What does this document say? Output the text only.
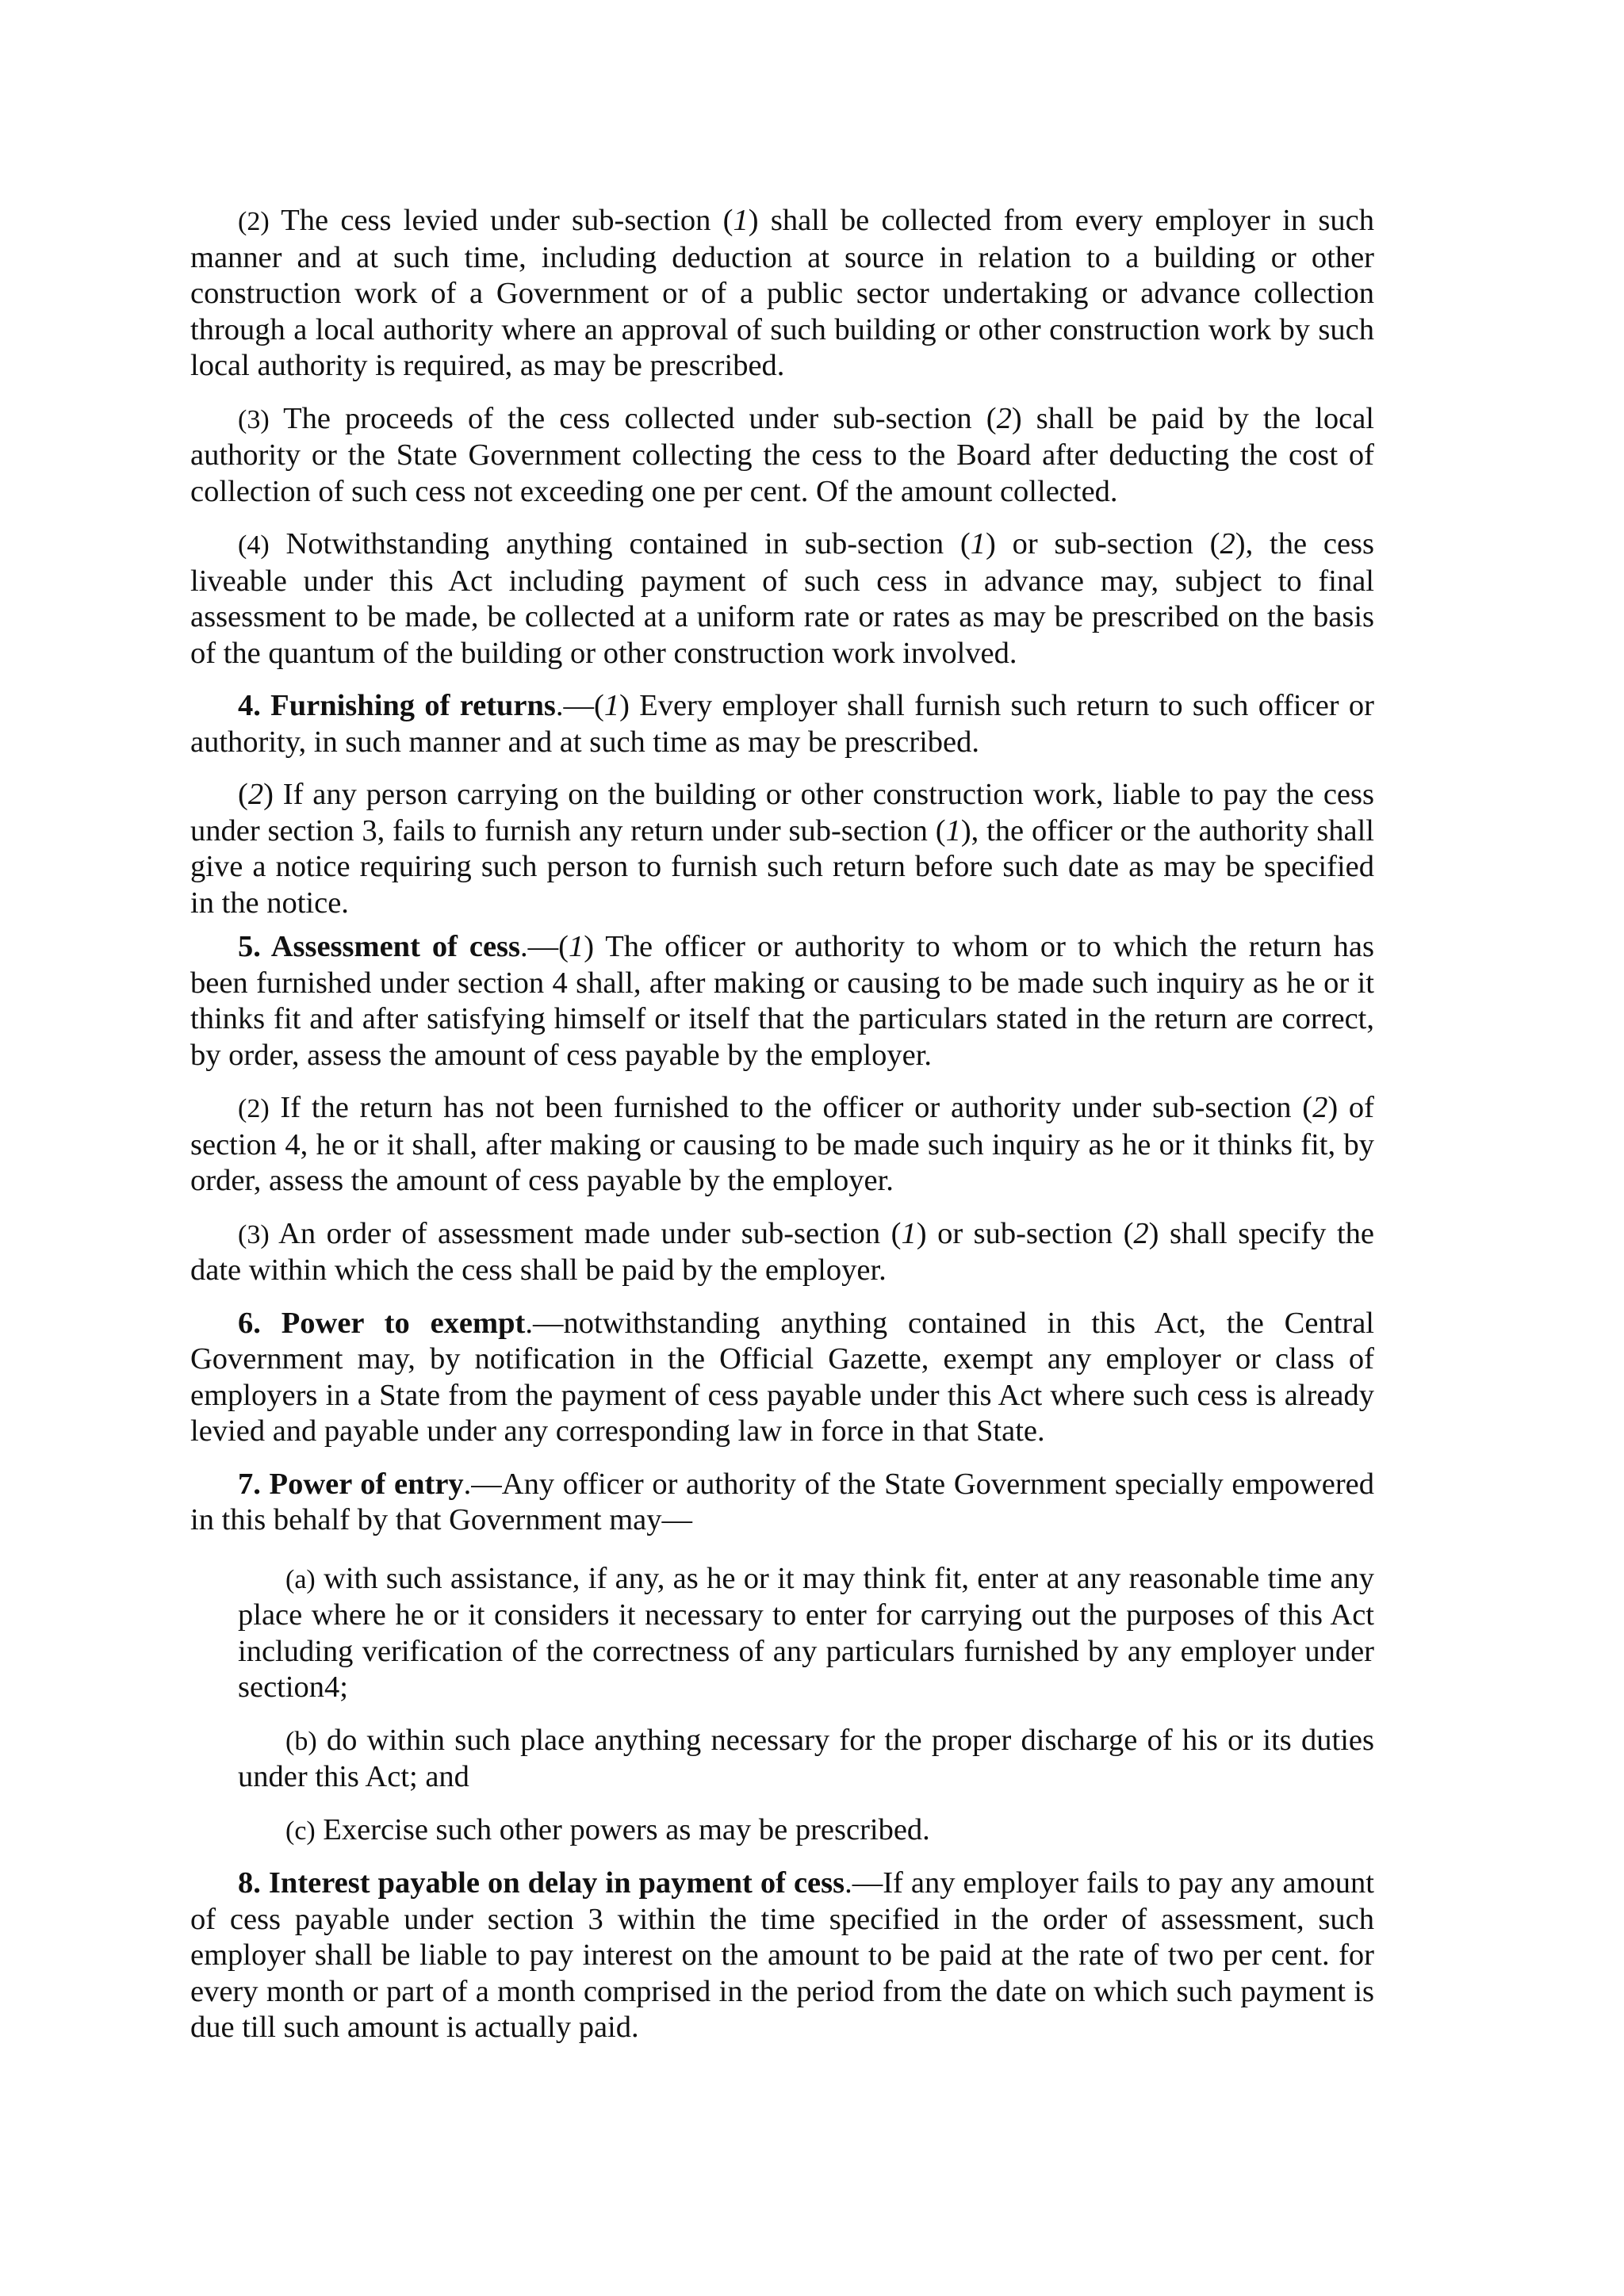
(2) The cess levied under sub-section (1) shall be collected from every employer in such manner and at such time, including deduction at source in relation to a building or other construction work of a Government or of a public sector undertaking or advance collection through a local authority where an approval of such building or other construction work by such local authority is required, as may be prescribed.

(3) The proceeds of the cess collected under sub-section (2) shall be paid by the local authority or the State Government collecting the cess to the Board after deducting the cost of collection of such cess not exceeding one per cent. Of the amount collected.

(4) Notwithstanding anything contained in sub-section (1) or sub-section (2), the cess liveable under this Act including payment of such cess in advance may, subject to final assessment to be made, be collected at a uniform rate or rates as may be prescribed on the basis of the quantum of the building or other construction work involved.

4. Furnishing of returns.—(1) Every employer shall furnish such return to such officer or authority, in such manner and at such time as may be prescribed.

(2) If any person carrying on the building or other construction work, liable to pay the cess under section 3, fails to furnish any return under sub-section (1), the officer or the authority shall give a notice requiring such person to furnish such return before such date as may be specified in the notice.

5. Assessment of cess.—(1) The officer or authority to whom or to which the return has been furnished under section 4 shall, after making or causing to be made such inquiry as he or it thinks fit and after satisfying himself or itself that the particulars stated in the return are correct, by order, assess the amount of cess payable by the employer.

(2) If the return has not been furnished to the officer or authority under sub-section (2) of section 4, he or it shall, after making or causing to be made such inquiry as he or it thinks fit, by order, assess the amount of cess payable by the employer.

(3) An order of assessment made under sub-section (1) or sub-section (2) shall specify the date within which the cess shall be paid by the employer.

6. Power to exempt.—notwithstanding anything contained in this Act, the Central Government may, by notification in the Official Gazette, exempt any employer or class of employers in a State from the payment of cess payable under this Act where such cess is already levied and payable under any corresponding law in force in that State.

7. Power of entry.—Any officer or authority of the State Government specially empowered in this behalf by that Government may—

(a) with such assistance, if any, as he or it may think fit, enter at any reasonable time any place where he or it considers it necessary to enter for carrying out the purposes of this Act including verification of the correctness of any particulars furnished by any employer under section4;

(b) do within such place anything necessary for the proper discharge of his or its duties under this Act; and

(c) Exercise such other powers as may be prescribed.

8. Interest payable on delay in payment of cess.—If any employer fails to pay any amount of cess payable under section 3 within the time specified in the order of assessment, such employer shall be liable to pay interest on the amount to be paid at the rate of two per cent. for every month or part of a month comprised in the period from the date on which such payment is due till such amount is actually paid.
